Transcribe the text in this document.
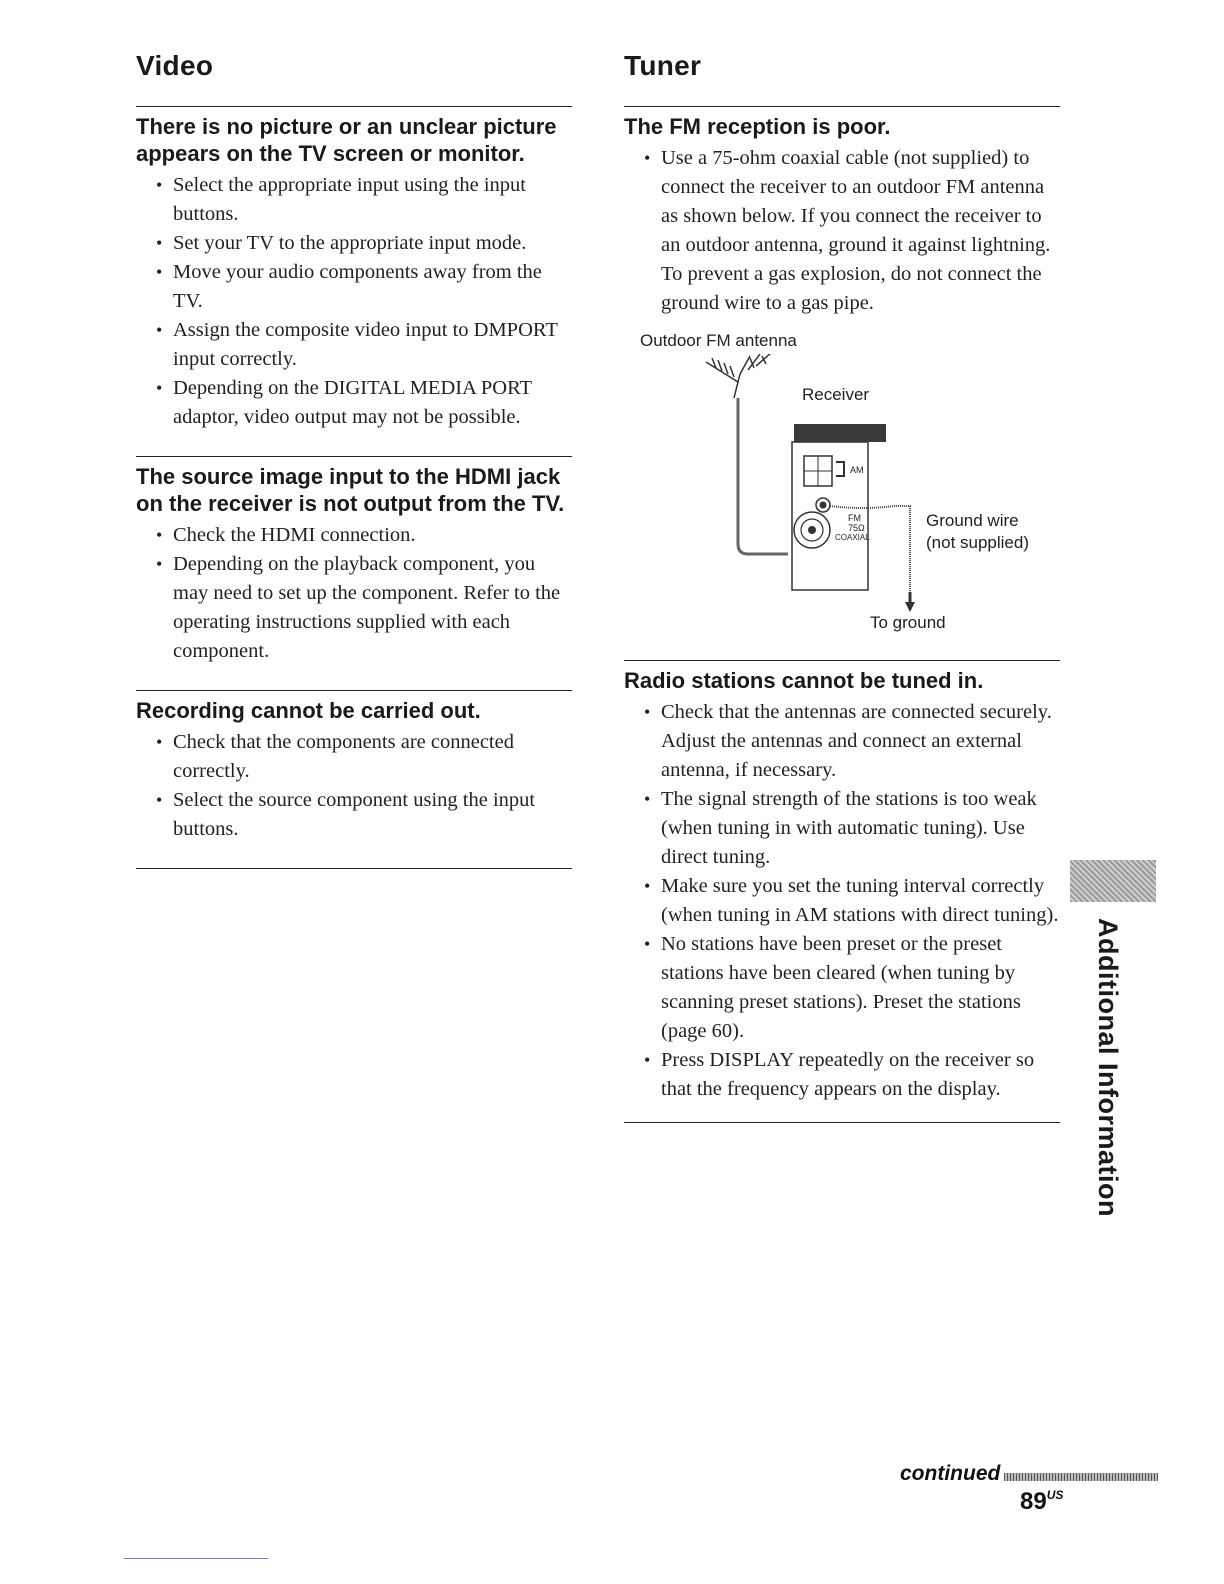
Video
There is no picture or an unclear picture appears on the TV screen or monitor.
• Select the appropriate input using the input buttons.
• Set your TV to the appropriate input mode.
• Move your audio components away from the TV.
• Assign the composite video input to DMPORT input correctly.
• Depending on the DIGITAL MEDIA PORT adaptor, video output may not be possible.
The source image input to the HDMI jack on the receiver is not output from the TV.
• Check the HDMI connection.
• Depending on the playback component, you may need to set up the component. Refer to the operating instructions supplied with each component.
Recording cannot be carried out.
• Check that the components are connected correctly.
• Select the source component using the input buttons.
Tuner
The FM reception is poor.
• Use a 75-ohm coaxial cable (not supplied) to connect the receiver to an outdoor FM antenna as shown below. If you connect the receiver to an outdoor antenna, ground it against lightning. To prevent a gas explosion, do not connect the ground wire to a gas pipe.
Outdoor FM antenna
Receiver
ANTENNA
AM
FM
75Ω
COAXIAL
Ground wire
(not supplied)
To ground
Radio stations cannot be tuned in.
• Check that the antennas are connected securely. Adjust the antennas and connect an external antenna, if necessary.
• The signal strength of the stations is too weak (when tuning in with automatic tuning). Use direct tuning.
• Make sure you set the tuning interval correctly (when tuning in AM stations with direct tuning).
• No stations have been preset or the preset stations have been cleared (when tuning by scanning preset stations). Preset the stations (page 60).
• Press DISPLAY repeatedly on the receiver so that the frequency appears on the display.	Additional Information
continued
$89^{US}$
